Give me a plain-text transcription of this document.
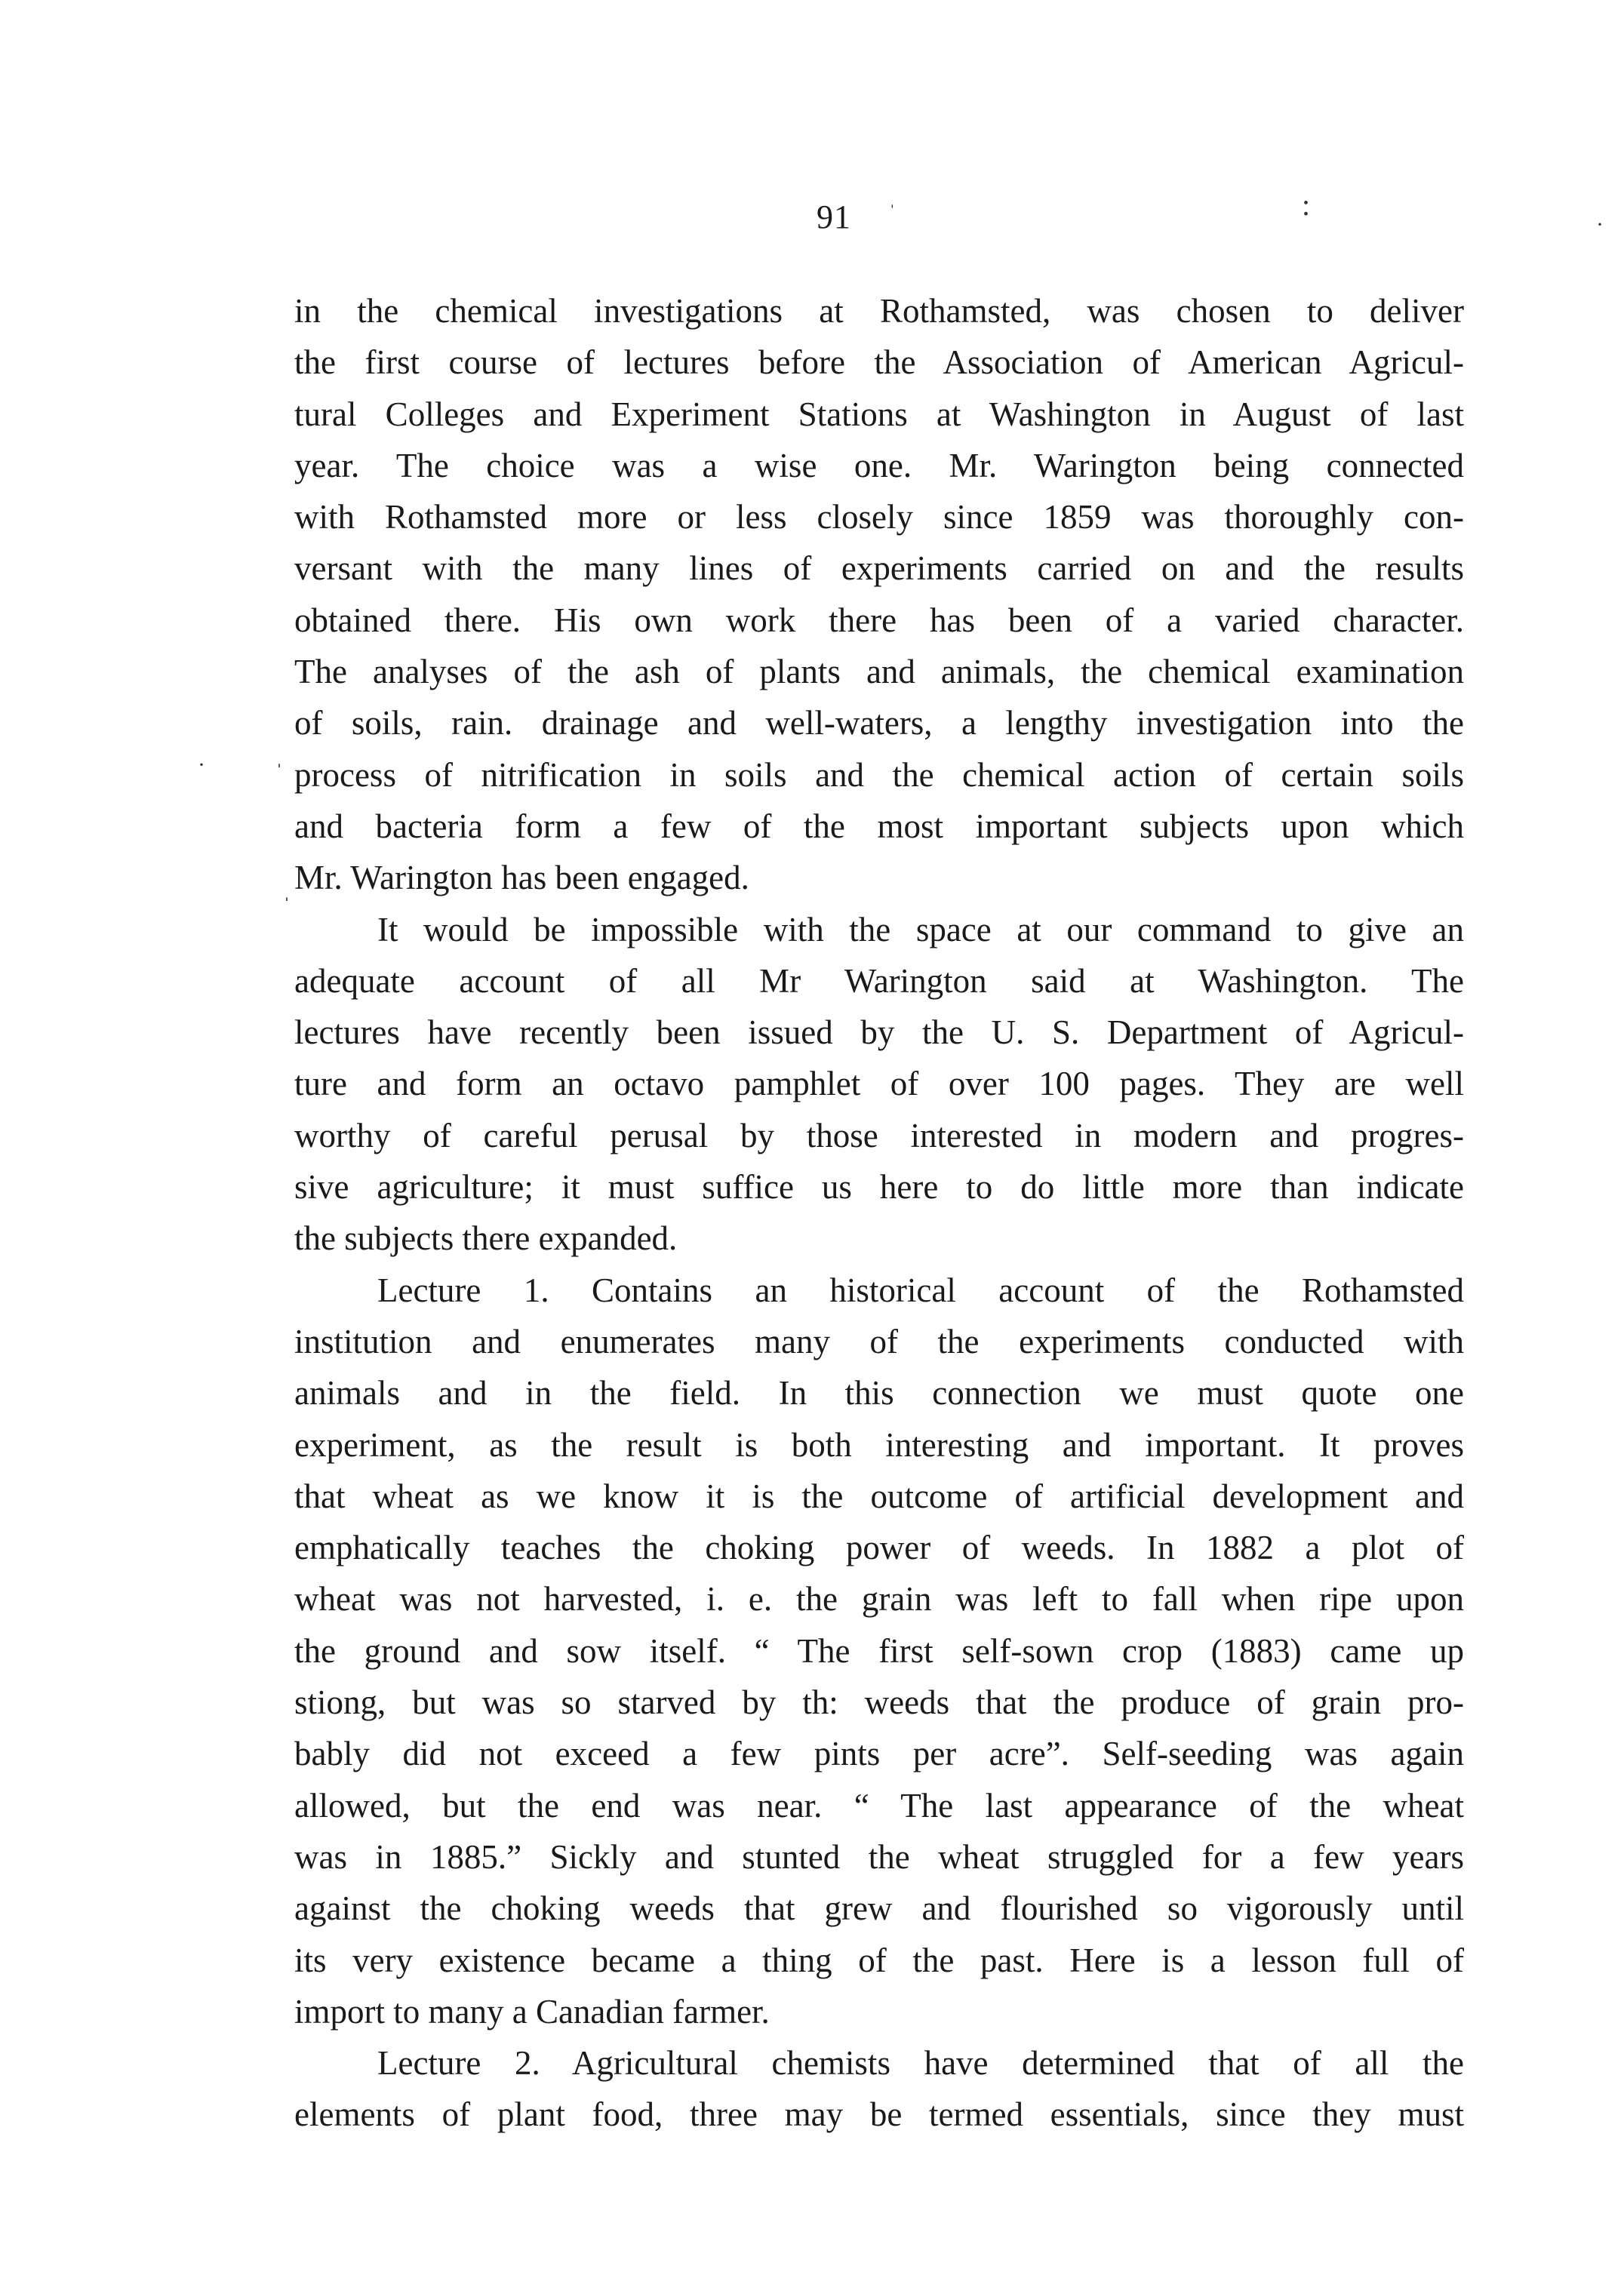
91 ˈ	:
·
·	ˈ
ˈ
in the chemical investigations at Rothamsted, was chosen to deliver
the first course of lectures before the Association of American Agricul-
tural Colleges and Experiment Stations at Washington in August of last
year. The choice was a wise one. Mr. Warington being connected
with Rothamsted more or less closely since 1859 was thoroughly con-
versant with the many lines of experiments carried on and the results
obtained there. His own work there has been of a varied character.
The analyses of the ash of plants and animals, the chemical examination
of soils, rain. drainage and well-waters, a lengthy investigation into the
process of nitrification in soils and the chemical action of certain soils
and bacteria form a few of the most important subjects upon which
Mr. Warington has been engaged.
It would be impossible with the space at our command to give an
adequate account of all Mr Warington said at Washington. The
lectures have recently been issued by the U. S. Department of Agricul-
ture and form an octavo pamphlet of over 100 pages. They are well
worthy of careful perusal by those interested in modern and progres-
sive agriculture; it must suffice us here to do little more than indicate
the subjects there expanded.
Lecture 1. Contains an historical account of the Rothamsted
institution and enumerates many of the experiments conducted with
animals and in the field. In this connection we must quote one
experiment, as the result is both interesting and important. It proves
that wheat as we know it is the outcome of artificial development and
emphatically teaches the choking power of weeds. In 1882 a plot of
wheat was not harvested, i. e. the grain was left to fall when ripe upon
the ground and sow itself. “ The first self-sown crop (1883) came up
stiong, but was so starved by th: weeds that the produce of grain pro-
bably did not exceed a few pints per acre”. Self-seeding was again
allowed, but the end was near. “ The last appearance of the wheat
was in 1885.” Sickly and stunted the wheat struggled for a few years
against the choking weeds that grew and flourished so vigorously until
its very existence became a thing of the past. Here is a lesson full of
import to many a Canadian farmer.
Lecture 2. Agricultural chemists have determined that of all the
elements of plant food, three may be termed essentials, since they must
